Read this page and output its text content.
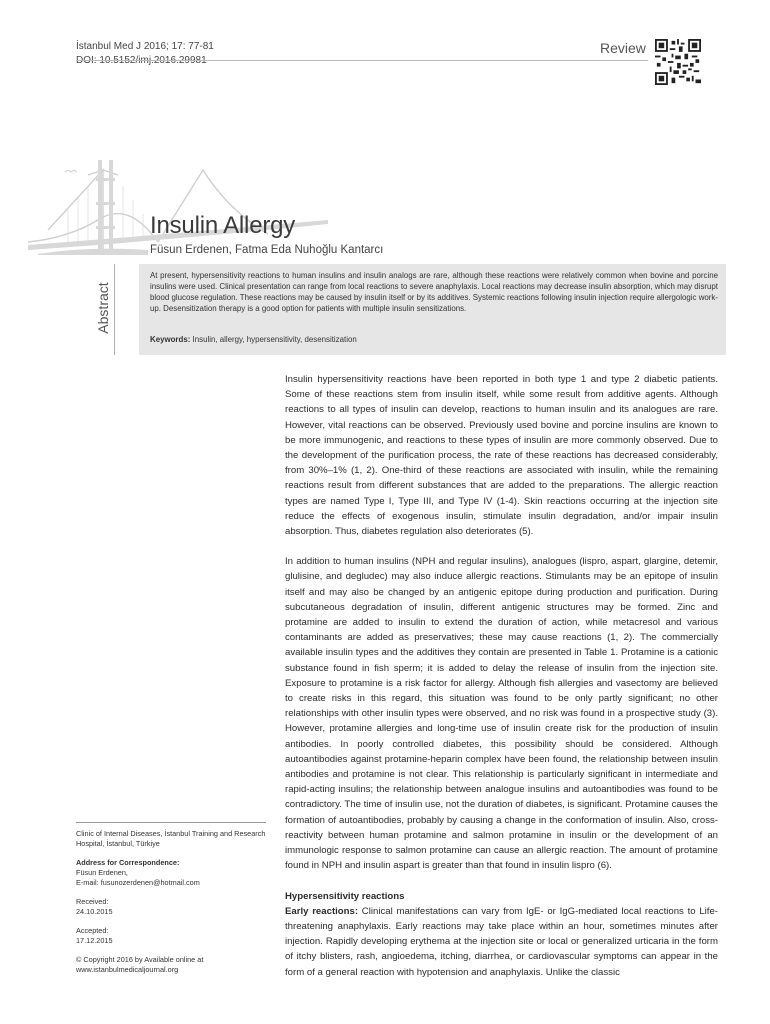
İstanbul Med J 2016; 17: 77-81	Review
Insulin Allergy
Füsun Erdenen, Fatma Eda Nuhoğlu Kantarcı
Abstract
At present, hypersensitivity reactions to human insulins and insulin analogs are rare, although these reactions were relatively common when bovine and porcine insulins were used. Clinical presentation can range from local reactions to severe anaphylaxis. Local reactions may decrease insulin absorption, which may disrupt blood glucose regulation. These reactions may be caused by insulin itself or by its additives. Systemic reactions following insulin injection require allergologic work-up. Desensitization therapy is a good option for patients with multiple insulin sensitizations.
Keywords: Insulin, allergy, hypersensitivity, desensitization

Insulin hypersensitivity reactions have been reported in both type 1 and type 2 diabetic patients. Some of these reactions stem from insulin itself, while some result from additive agents. Although reactions to all types of insulin can develop, reactions to human insulin and its analogues are rare. However, vital reactions can be observed. Previously used bovine and porcine insulins are known to be more immunogenic, and reactions to these types of insulin are more commonly observed. Due to the development of the purification process, the rate of these reactions has decreased considerably, from 30%–1% (1, 2). One-third of these reactions are associated with insulin, while the remaining reactions result from different substances that are added to the preparations. The allergic reaction types are named Type I, Type III, and Type IV (1-4). Skin reactions occurring at the injection site reduce the effects of exogenous insulin, stimulate insulin degradation, and/or impair insulin absorption. Thus, diabetes regulation also deteriorates (5).

In addition to human insulins (NPH and regular insulins), analogues (lispro, aspart, glargine, detemir, glulisine, and degludec) may also induce allergic reactions. Stimulants may be an epitope of insulin itself and may also be changed by an antigenic epitope during production and purification. During subcutaneous degradation of insulin, different antigenic structures may be formed. Zinc and protamine are added to insulin to extend the duration of action, while metacresol and various contaminants are added as preservatives; these may cause reactions (1, 2). The commercially available insulin types and the additives they contain are presented in Table 1. Protamine is a cationic substance found in fish sperm; it is added to delay the release of insulin from the injection site. Exposure to protamine is a risk factor for allergy. Although fish allergies and vasectomy are believed to create risks in this regard, this situation was found to be only partly significant; no other relationships with other insulin types were observed, and no risk was found in a prospective study (3). However, protamine allergies and long-time use of insulin create risk for the production of insulin antibodies. In poorly controlled diabetes, this possibility should be considered. Although autoantibodies against protamine-heparin complex have been found, the relationship between insulin antibodies and protamine is not clear. This relationship is particularly significant in intermediate and rapid-acting insulins; the relationship between analogue insulins and autoantibodies was found to be contradictory. The time of insulin use, not the duration of diabetes, is significant. Protamine causes the formation of autoantibodies, probably by causing a change in the conformation of insulin. Also, cross-reactivity between human protamine and salmon protamine in insulin or the development of an immunologic response to salmon protamine can cause an allergic reaction. The amount of protamine found in NPH and insulin aspart is greater than that found in insulin lispro (6).

Hypersensitivity reactions
Early reactions: Clinical manifestations can vary from IgE- or IgG-mediated local reactions to Life-threatening anaphylaxis. Early reactions may take place within an hour, sometimes minutes after injection. Rapidly developing erythema at the injection site or local or generalized urticaria in the form of itchy blisters, rash, angioedema, itching, diarrhea, or cardiovascular symptoms can appear in the form of a general reaction with hypotension and anaphylaxis. Unlike the classic
Clinic of Internal Diseases, İstanbul Training and Research Hospital, İstanbul, Türkiye
Address for Correspondence:
Füsun Erdenen,
E-mail: fusunozerdenen@hotmail.com
Received:
24.10.2015
Accepted:
17.12.2015
© Copyright 2016 by Available online at www.istanbulmedicaljournal.org
